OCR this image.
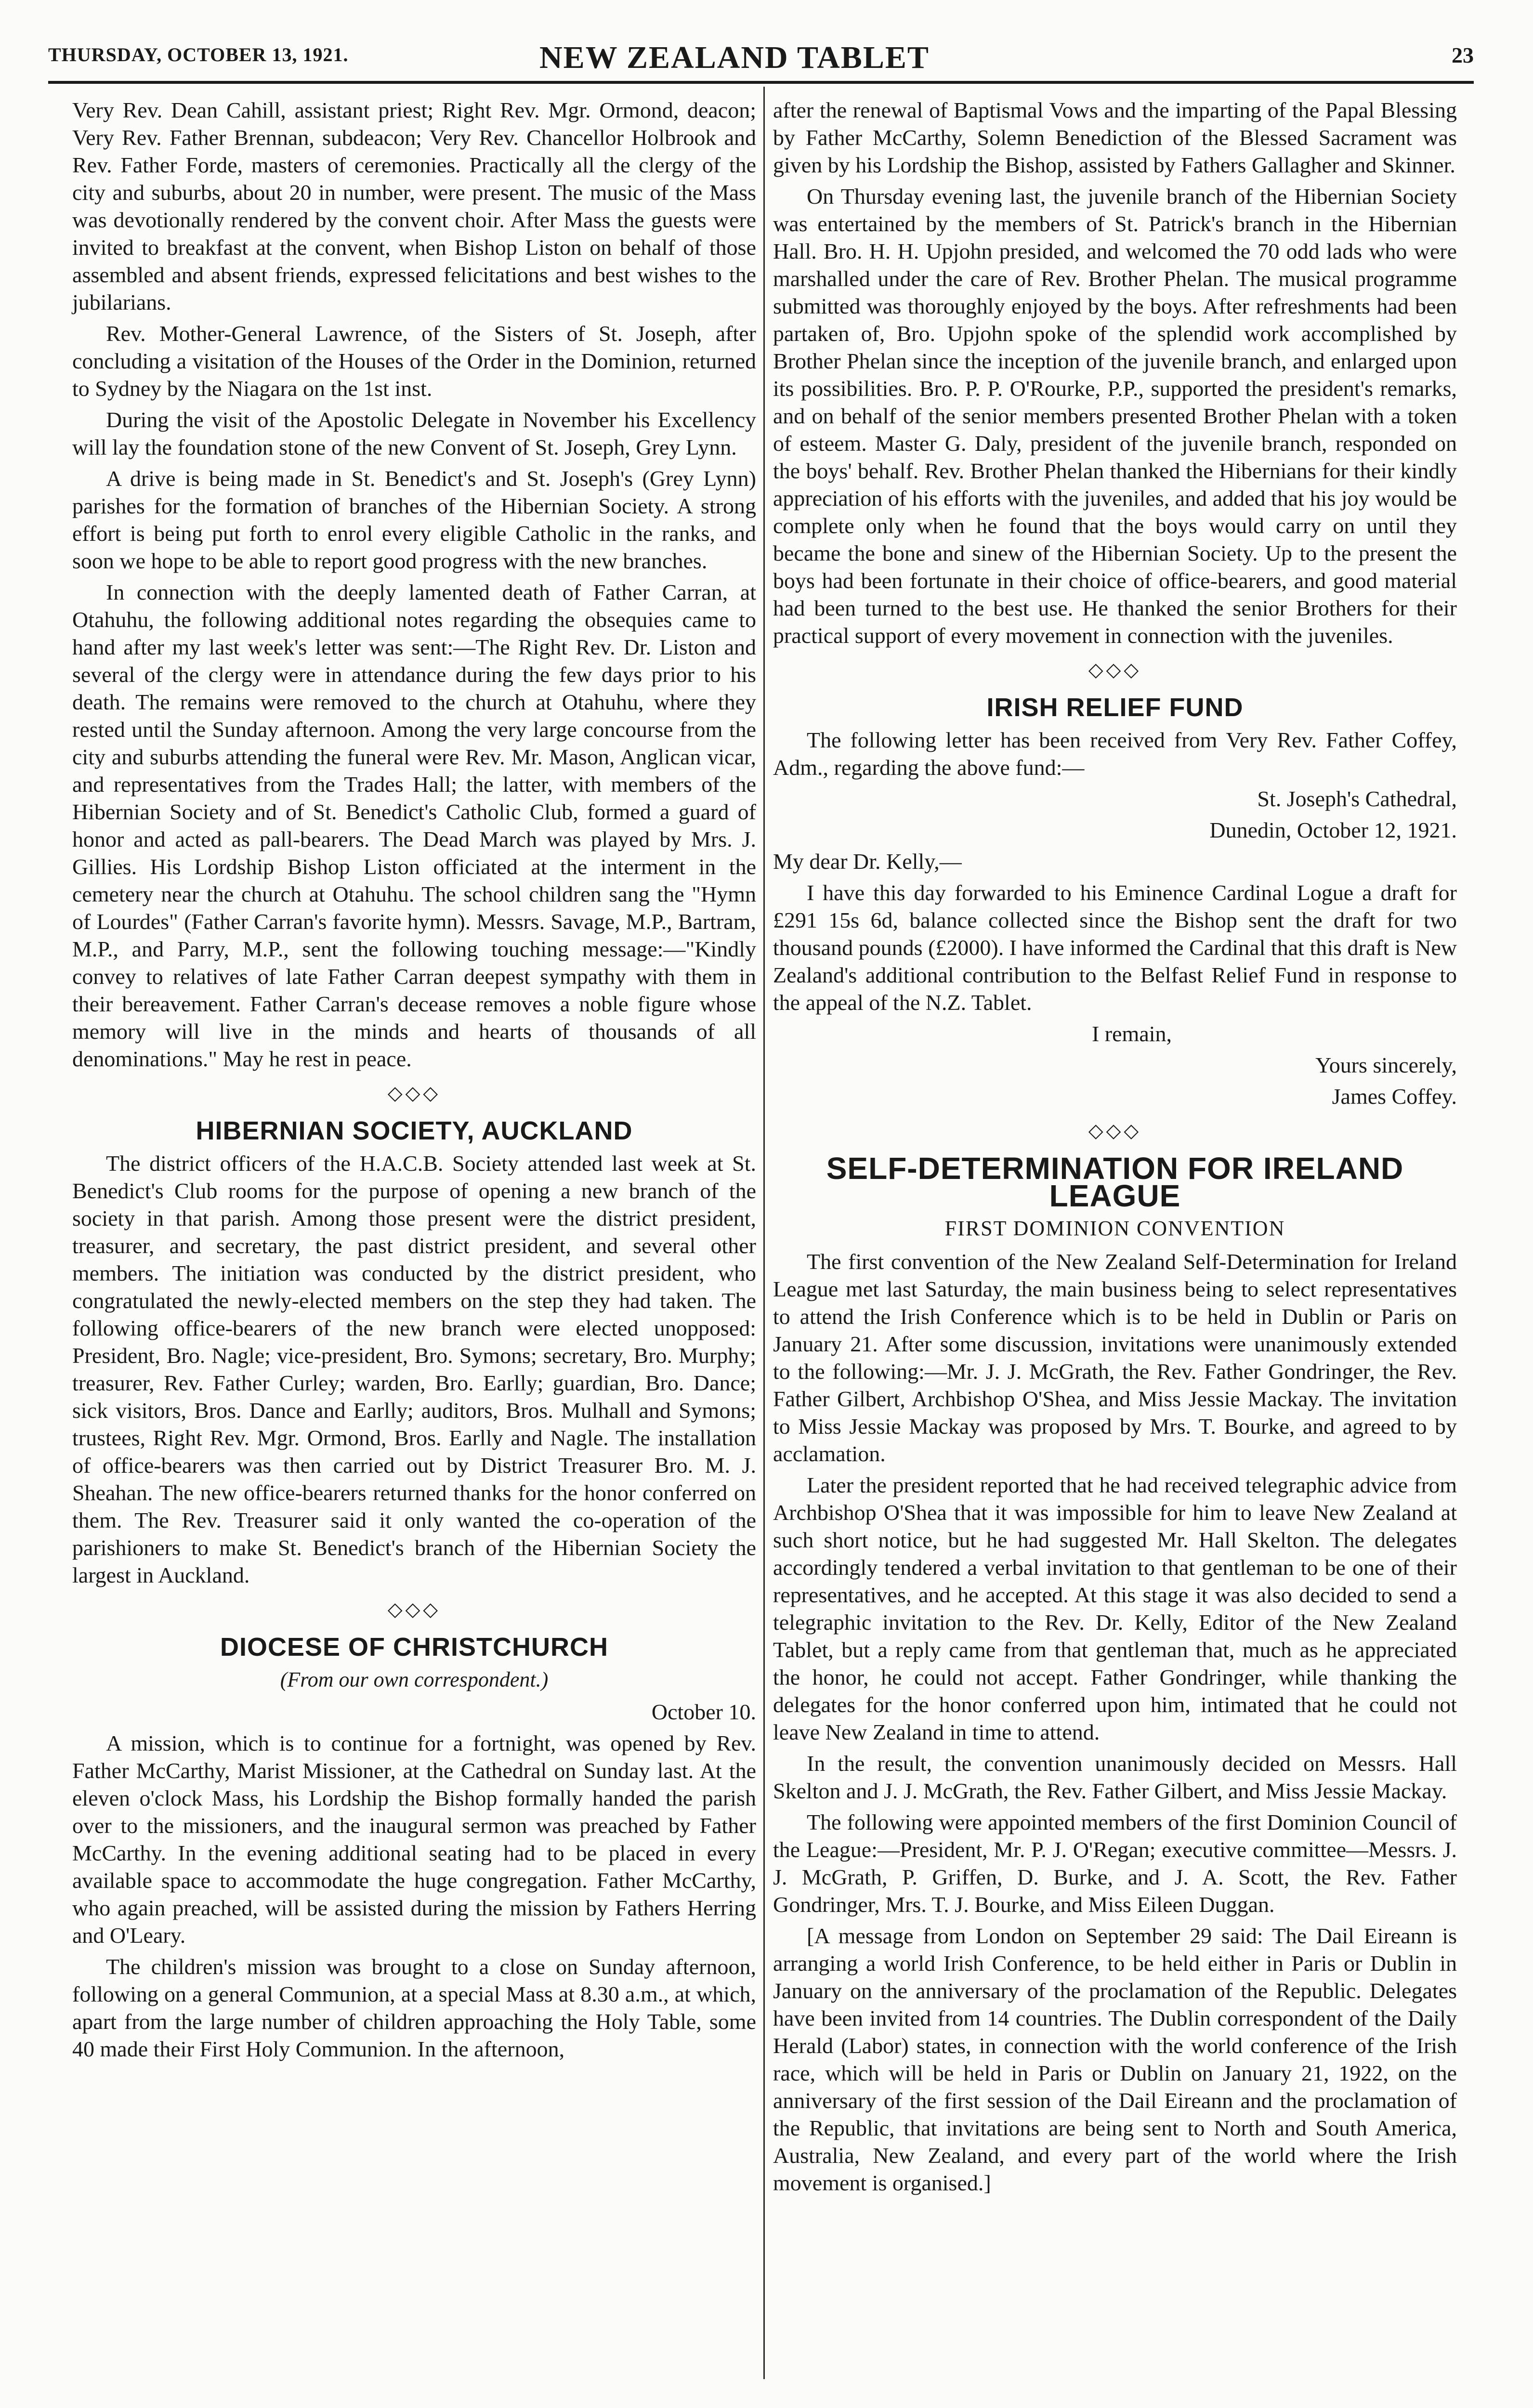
THURSDAY, OCTOBER 13, 1921.	NEW ZEALAND TABLET	23

Very Rev. Dean Cahill, assistant priest; Right Rev. Mgr. Ormond, deacon; Very Rev. Father Brennan, subdeacon; Very Rev. Chancellor Holbrook and Rev. Father Forde, masters of ceremonies. Practically all the clergy of the city and suburbs, about 20 in number, were present. The music of the Mass was devotionally rendered by the convent choir. After Mass the guests were invited to breakfast at the convent, when Bishop Liston on behalf of those assembled and absent friends, expressed felicitations and best wishes to the jubilarians.

Rev. Mother-General Lawrence, of the Sisters of St. Joseph, after concluding a visitation of the Houses of the Order in the Dominion, returned to Sydney by the Niagara on the 1st inst.

During the visit of the Apostolic Delegate in November his Excellency will lay the foundation stone of the new Convent of St. Joseph, Grey Lynn.

A drive is being made in St. Benedict's and St. Joseph's (Grey Lynn) parishes for the formation of branches of the Hibernian Society. A strong effort is being put forth to enrol every eligible Catholic in the ranks, and soon we hope to be able to report good progress with the new branches.

In connection with the deeply lamented death of Father Carran, at Otahuhu, the following additional notes regarding the obsequies came to hand after my last week's letter was sent:—The Right Rev. Dr. Liston and several of the clergy were in attendance during the few days prior to his death. The remains were removed to the church at Otahuhu, where they rested until the Sunday afternoon. Among the very large concourse from the city and suburbs attending the funeral were Rev. Mr. Mason, Anglican vicar, and representatives from the Trades Hall; the latter, with members of the Hibernian Society and of St. Benedict's Catholic Club, formed a guard of honor and acted as pall-bearers. The Dead March was played by Mrs. J. Gillies. His Lordship Bishop Liston officiated at the interment in the cemetery near the church at Otahuhu. The school children sang the "Hymn of Lourdes" (Father Carran's favorite hymn). Messrs. Savage, M.P., Bartram, M.P., and Parry, M.P., sent the following touching message:—"Kindly convey to relatives of late Father Carran deepest sympathy with them in their bereavement. Father Carran's decease removes a noble figure whose memory will live in the minds and hearts of thousands of all denominations." May he rest in peace.

◇◇◇
HIBERNIAN SOCIETY, AUCKLAND

The district officers of the H.A.C.B. Society attended last week at St. Benedict's Club rooms for the purpose of opening a new branch of the society in that parish. Among those present were the district president, treasurer, and secretary, the past district president, and several other members. The initiation was conducted by the district president, who congratulated the newly-elected members on the step they had taken. The following office-bearers of the new branch were elected unopposed: President, Bro. Nagle; vice-president, Bro. Symons; secretary, Bro. Murphy; treasurer, Rev. Father Curley; warden, Bro. Earlly; guardian, Bro. Dance; sick visitors, Bros. Dance and Earlly; auditors, Bros. Mulhall and Symons; trustees, Right Rev. Mgr. Ormond, Bros. Earlly and Nagle. The installation of office-bearers was then carried out by District Treasurer Bro. M. J. Sheahan. The new office-bearers returned thanks for the honor conferred on them. The Rev. Treasurer said it only wanted the co-operation of the parishioners to make St. Benedict's branch of the Hibernian Society the largest in Auckland.

◇◇◇
DIOCESE OF CHRISTCHURCH
(From our own correspondent.)

October 10.

A mission, which is to continue for a fortnight, was opened by Rev. Father McCarthy, Marist Missioner, at the Cathedral on Sunday last. At the eleven o'clock Mass, his Lordship the Bishop formally handed the parish over to the missioners, and the inaugural sermon was preached by Father McCarthy. In the evening additional seating had to be placed in every available space to accommodate the huge congregation. Father McCarthy, who again preached, will be assisted during the mission by Fathers Herring and O'Leary.

The children's mission was brought to a close on Sunday afternoon, following on a general Communion, at a special Mass at 8.30 a.m., at which, apart from the large number of children approaching the Holy Table, some 40 made their First Holy Communion. In the afternoon,

after the renewal of Baptismal Vows and the imparting of the Papal Blessing by Father McCarthy, Solemn Benediction of the Blessed Sacrament was given by his Lordship the Bishop, assisted by Fathers Gallagher and Skinner.

On Thursday evening last, the juvenile branch of the Hibernian Society was entertained by the members of St. Patrick's branch in the Hibernian Hall. Bro. H. H. Upjohn presided, and welcomed the 70 odd lads who were marshalled under the care of Rev. Brother Phelan. The musical programme submitted was thoroughly enjoyed by the boys. After refreshments had been partaken of, Bro. Upjohn spoke of the splendid work accomplished by Brother Phelan since the inception of the juvenile branch, and enlarged upon its possibilities. Bro. P. P. O'Rourke, P.P., supported the president's remarks, and on behalf of the senior members presented Brother Phelan with a token of esteem. Master G. Daly, president of the juvenile branch, responded on the boys' behalf. Rev. Brother Phelan thanked the Hibernians for their kindly appreciation of his efforts with the juveniles, and added that his joy would be complete only when he found that the boys would carry on until they became the bone and sinew of the Hibernian Society. Up to the present the boys had been fortunate in their choice of office-bearers, and good material had been turned to the best use. He thanked the senior Brothers for their practical support of every movement in connection with the juveniles.

◇◇◇
IRISH RELIEF FUND

The following letter has been received from Very Rev. Father Coffey, Adm., regarding the above fund:—

St. Joseph's Cathedral,

Dunedin, October 12, 1921.

My dear Dr. Kelly,—

I have this day forwarded to his Eminence Cardinal Logue a draft for £291 15s 6d, balance collected since the Bishop sent the draft for two thousand pounds (£2000). I have informed the Cardinal that this draft is New Zealand's additional contribution to the Belfast Relief Fund in response to the appeal of the N.Z. Tablet.

I remain,

Yours sincerely,

James Coffey.

◇◇◇
SELF-DETERMINATION FOR IRELAND LEAGUE
FIRST DOMINION CONVENTION

The first convention of the New Zealand Self-Determination for Ireland League met last Saturday, the main business being to select representatives to attend the Irish Conference which is to be held in Dublin or Paris on January 21. After some discussion, invitations were unanimously extended to the following:—Mr. J. J. McGrath, the Rev. Father Gondringer, the Rev. Father Gilbert, Archbishop O'Shea, and Miss Jessie Mackay. The invitation to Miss Jessie Mackay was proposed by Mrs. T. Bourke, and agreed to by acclamation.

Later the president reported that he had received telegraphic advice from Archbishop O'Shea that it was impossible for him to leave New Zealand at such short notice, but he had suggested Mr. Hall Skelton. The delegates accordingly tendered a verbal invitation to that gentleman to be one of their representatives, and he accepted. At this stage it was also decided to send a telegraphic invitation to the Rev. Dr. Kelly, Editor of the New Zealand Tablet, but a reply came from that gentleman that, much as he appreciated the honor, he could not accept. Father Gondringer, while thanking the delegates for the honor conferred upon him, intimated that he could not leave New Zealand in time to attend.

In the result, the convention unanimously decided on Messrs. Hall Skelton and J. J. McGrath, the Rev. Father Gilbert, and Miss Jessie Mackay.

The following were appointed members of the first Dominion Council of the League:—President, Mr. P. J. O'Regan; executive committee—Messrs. J. J. McGrath, P. Griffen, D. Burke, and J. A. Scott, the Rev. Father Gondringer, Mrs. T. J. Bourke, and Miss Eileen Duggan.

[A message from London on September 29 said: The Dail Eireann is arranging a world Irish Conference, to be held either in Paris or Dublin in January on the anniversary of the proclamation of the Republic. Delegates have been invited from 14 countries. The Dublin correspondent of the Daily Herald (Labor) states, in connection with the world conference of the Irish race, which will be held in Paris or Dublin on January 21, 1922, on the anniversary of the first session of the Dail Eireann and the proclamation of the Republic, that invitations are being sent to North and South America, Australia, New Zealand, and every part of the world where the Irish movement is organised.]
